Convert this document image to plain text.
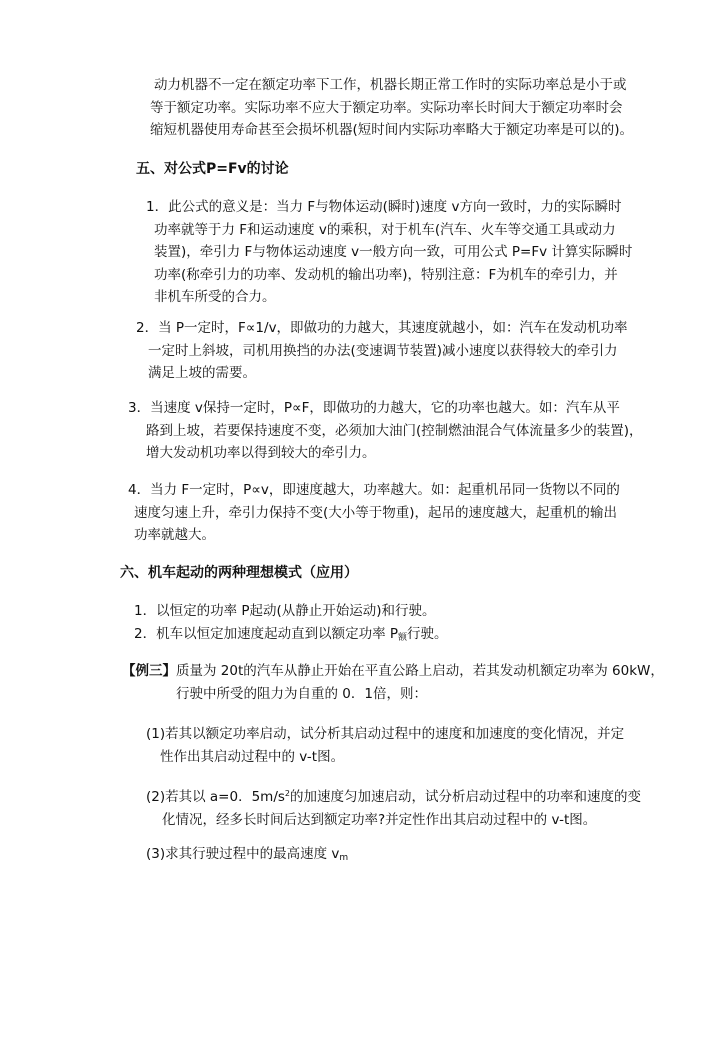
动力机器不一定在额定功率下工作，机器长期正常工作时的实际功率总是小于或
等于额定功率。实际功率不应大于额定功率。实际功率长时间大于额定功率时会
缩短机器使用寿命甚至会损坏机器(短时间内实际功率略大于额定功率是可以的)。
五、对公式P=Fv的讨论
1．此公式的意义是：当力 F与物体运动(瞬时)速度 v方向一致时，力的实际瞬时
功率就等于力 F和运动速度 v的乘积，对于机车(汽车、火车等交通工具或动力
装置)，牵引力 F与物体运动速度 v一般方向一致，可用公式 P=Fv 计算实际瞬时
功率(称牵引力的功率、发动机的输出功率)，特别注意：F为机车的牵引力，并
非机车所受的合力。
2．当 P一定时，F∝1/v，即做功的力越大，其速度就越小，如：汽车在发动机功率
一定时上斜坡，司机用换挡的办法(变速调节装置)减小速度以获得较大的牵引力
满足上坡的需要。
3．当速度 v保持一定时，P∝F，即做功的力越大，它的功率也越大。如：汽车从平
路到上坡，若要保持速度不变，必须加大油门(控制燃油混合气体流量多少的装置)，
增大发动机功率以得到较大的牵引力。
4．当力 F一定时，P∝v，即速度越大，功率越大。如：起重机吊同一货物以不同的
速度匀速上升，牵引力保持不变(大小等于物重)，起吊的速度越大，起重机的输出
功率就越大。
六、机车起动的两种理想模式（应用）
1．以恒定的功率 P起动(从静止开始运动)和行驶。
2．机车以恒定加速度起动直到以额定功率 $P_额$行驶。
【例三】质量为 20t的汽车从静止开始在平直公路上启动，若其发动机额定功率为 60kW，
行驶中所受的阻力为自重的 0．1倍，则：
(1)若其以额定功率启动，试分析其启动过程中的速度和加速度的变化情况，并定
性作出其启动过程中的 v-t图。
(2)若其以 a=0．$5m/s^2$的加速度匀加速启动，试分析启动过程中的功率和速度的变
化情况，经多长时间后达到额定功率?并定性作出其启动过程中的 v-t图。
(3)求其行驶过程中的最高速度 $v_m$
